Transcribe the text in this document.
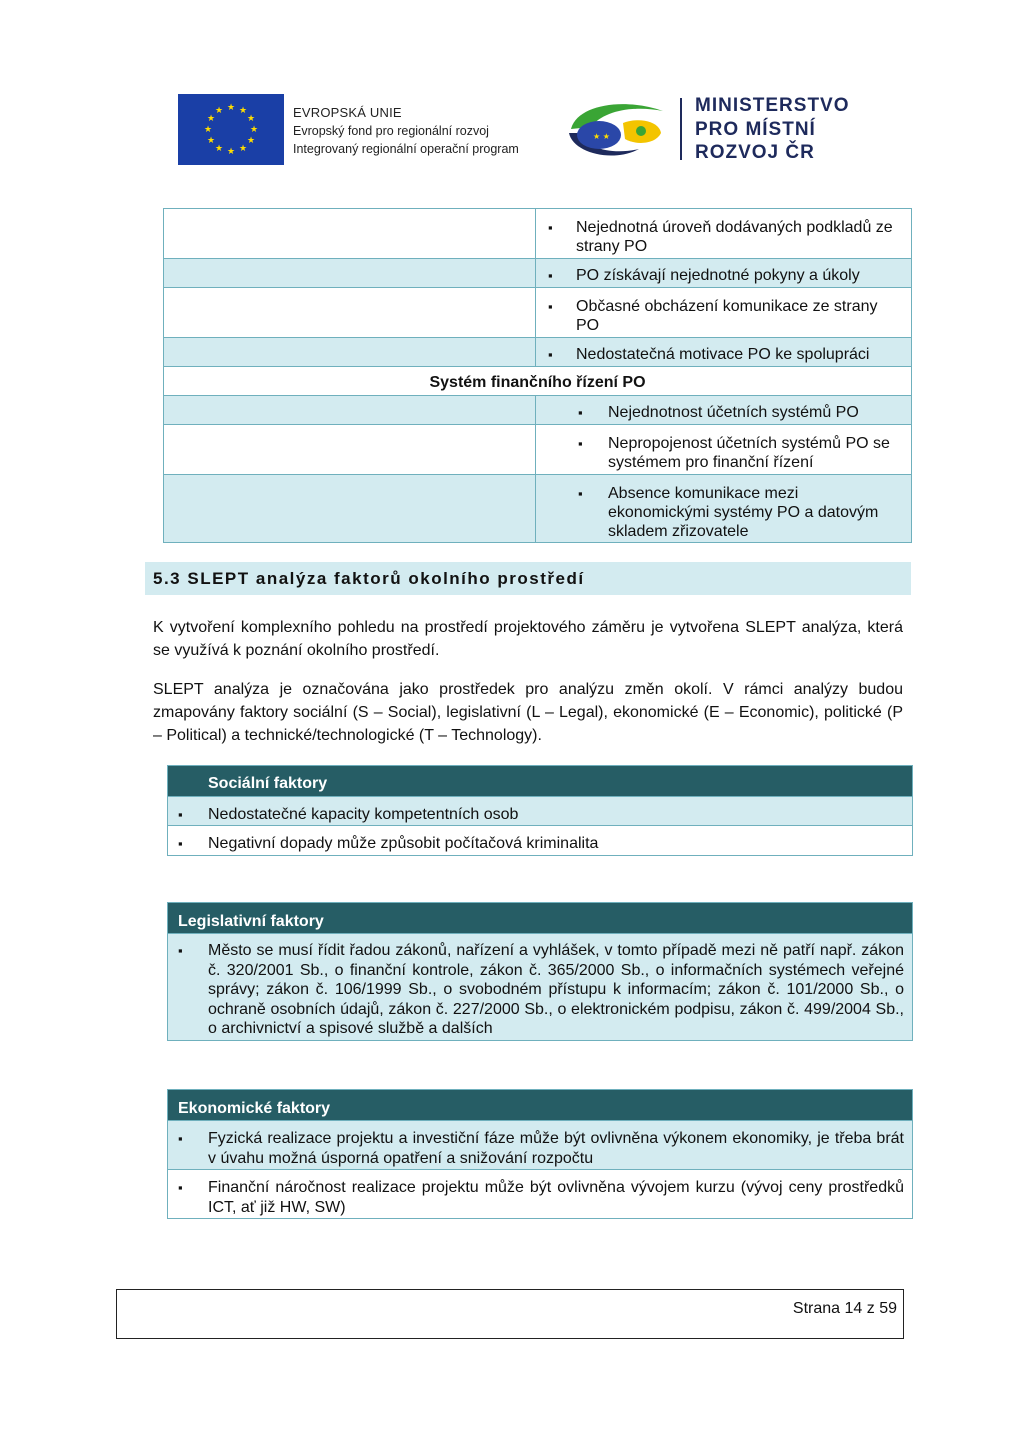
★ ★
★
★
★
★
★
★
★
★
★
★	EVROPSKÁ UNIE
Evropský fond pro regionální rozvoj
Integrovaný regionální operační program
★ ★
MINISTERSTVO
PRO MÍSTNÍ
ROZVOJ ČR
▪ Nejednotná úroveň dodávaných podkladů ze strany PO
▪ PO získávají nejednotné pokyny a úkoly
▪ Občasné obcházení komunikace ze strany PO
▪ Nedostatečná motivace PO ke spolupráci
Systém finančního řízení PO
▪ Nejednotnost účetních systémů PO
▪ Nepropojenost účetních systémů PO se systémem pro finanční řízení
▪ Absence komunikace mezi ekonomickými systémy PO a datovým skladem zřizovatele
5.3 SLEPT analýza faktorů okolního prostředí
K vytvoření komplexního pohledu na prostředí projektového záměru je vytvořena SLEPT analýza, která se využívá k poznání okolního prostředí.
SLEPT analýza je označována jako prostředek pro analýzu změn okolí. V rámci analýzy budou zmapovány faktory sociální (S – Social), legislativní (L – Legal), ekonomické (E – Economic), politické (P – Political) a technické/technologické (T – Technology).
Sociální faktory
▪ Nedostatečné kapacity kompetentních osob
▪ Negativní dopady může způsobit počítačová kriminalita
Legislativní faktory
▪ Město se musí řídit řadou zákonů, nařízení a vyhlášek, v tomto případě mezi ně patří např. zákon č. 320/2001 Sb., o finanční kontrole, zákon č. 365/2000 Sb., o informačních systémech veřejné správy; zákon č. 106/1999 Sb., o svobodném přístupu k informacím; zákon č. 101/2000 Sb., o ochraně osobních údajů, zákon č. 227/2000 Sb., o elektronickém podpisu, zákon č. 499/2004 Sb., o archivnictví a spisové službě a dalších
Ekonomické faktory
▪ Fyzická realizace projektu a investiční fáze může být ovlivněna výkonem ekonomiky, je třeba brát v úvahu možná úsporná opatření a snižování rozpočtu
▪ Finanční náročnost realizace projektu může být ovlivněna vývojem kurzu (vývoj ceny prostředků ICT, ať již HW, SW)
Strana 14 z 59
